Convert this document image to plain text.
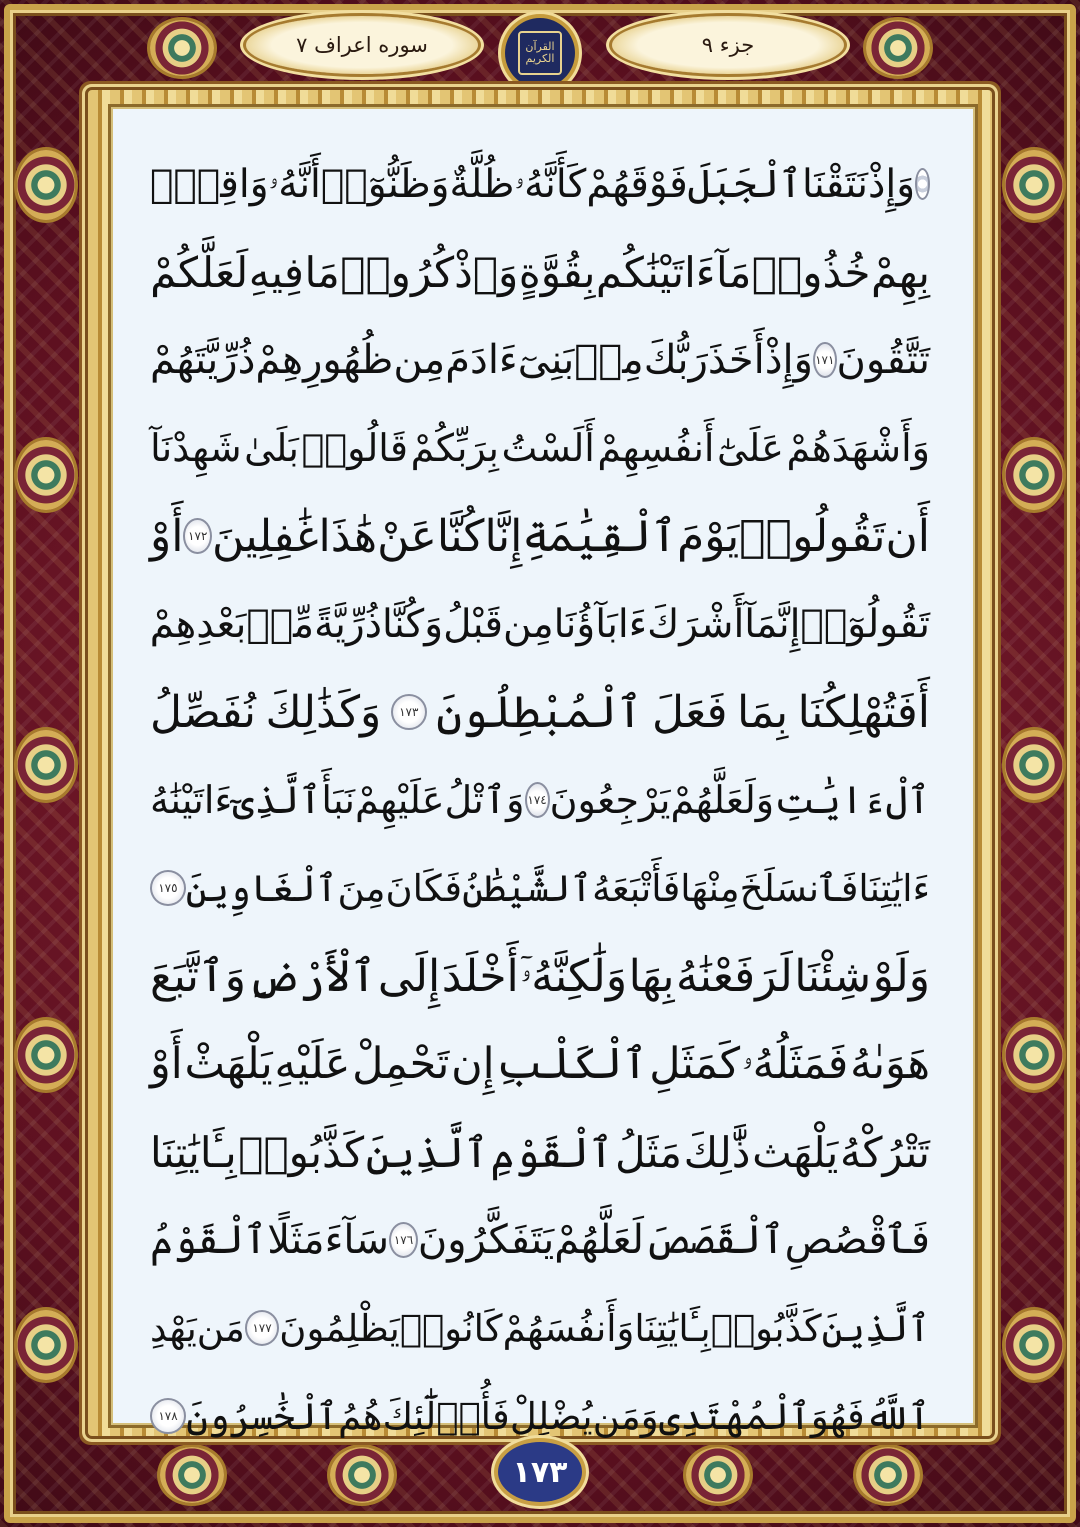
سوره اعراف ۷	القرآن الكريم
جزء ۹
وَإِذْ
نَتَقْنَا
ٱلْجَبَلَ
فَوْقَهُمْ
كَأَنَّهُۥ
ظُلَّةٌ
وَظَنُّوٓا۟
أَنَّهُۥ
وَاقِعٌۢ
بِهِمْ
خُذُوا۟
مَآ
ءَاتَيْنَٰكُم
بِقُوَّةٍ
وَٱذْكُرُوا۟
مَا
فِيهِ
لَعَلَّكُمْ
تَتَّقُونَ
١٧١
وَإِذْ
أَخَذَ
رَبُّكَ
مِنۢ
بَنِىٓ
ءَادَمَ
مِن
ظُهُورِهِمْ
ذُرِّيَّتَهُمْ
وَأَشْهَدَهُمْ
عَلَىٰٓ
أَنفُسِهِمْ
أَلَسْتُ
بِرَبِّكُمْ
قَالُوا۟
بَلَىٰ
شَهِدْنَآ
أَن
تَقُولُوا۟
يَوْمَ
ٱلْقِيَٰمَةِ
إِنَّا
كُنَّا
عَنْ
هَٰذَا
غَٰفِلِينَ
١٧٢
أَوْ
تَقُولُوٓا۟
إِنَّمَآ
أَشْرَكَ
ءَابَآؤُنَا
مِن
قَبْلُ
وَكُنَّا
ذُرِّيَّةً
مِّنۢ
بَعْدِهِمْ
أَفَتُهْلِكُنَا
بِمَا
فَعَلَ
ٱلْمُبْطِلُونَ
١٧٣
وَكَذَٰلِكَ
نُفَصِّلُ
ٱلْءَايَٰتِ
وَلَعَلَّهُمْ
يَرْجِعُونَ
١٧٤
وَٱتْلُ
عَلَيْهِمْ
نَبَأَ
ٱلَّذِىٓ
ءَاتَيْنَٰهُ
ءَايَٰتِنَا
فَٱنسَلَخَ
مِنْهَا
فَأَتْبَعَهُ
ٱلشَّيْطَٰنُ
فَكَانَ
مِنَ
ٱلْغَاوِينَ
١٧٥
وَلَوْ
شِئْنَا
لَرَفَعْنَٰهُ
بِهَا
وَلَٰكِنَّهُۥٓ
أَخْلَدَ
إِلَى
ٱلْأَرْضِ
وَٱتَّبَعَ
هَوَىٰهُ
فَمَثَلُهُۥ
كَمَثَلِ
ٱلْكَلْبِ
إِن
تَحْمِلْ
عَلَيْهِ
يَلْهَثْ
أَوْ
تَتْرُكْهُ
يَلْهَث
ذَّٰلِكَ
مَثَلُ
ٱلْقَوْمِ
ٱلَّذِينَ
كَذَّبُوا۟
بِـَٔايَٰتِنَا
فَٱقْصُصِ
ٱلْقَصَصَ
لَعَلَّهُمْ
يَتَفَكَّرُونَ
١٧٦
سَآءَ
مَثَلًا
ٱلْقَوْمُ
ٱلَّذِينَ
كَذَّبُوا۟
بِـَٔايَٰتِنَا
وَأَنفُسَهُمْ
كَانُوا۟
يَظْلِمُونَ
١٧٧
مَن
يَهْدِ
ٱللَّهُ
فَهُوَ
ٱلْمُهْتَدِى
وَمَن
يُضْلِلْ
فَأُو۟لَٰٓئِكَ
هُمُ
ٱلْخَٰسِرُونَ
١٧٨
١٧٣
